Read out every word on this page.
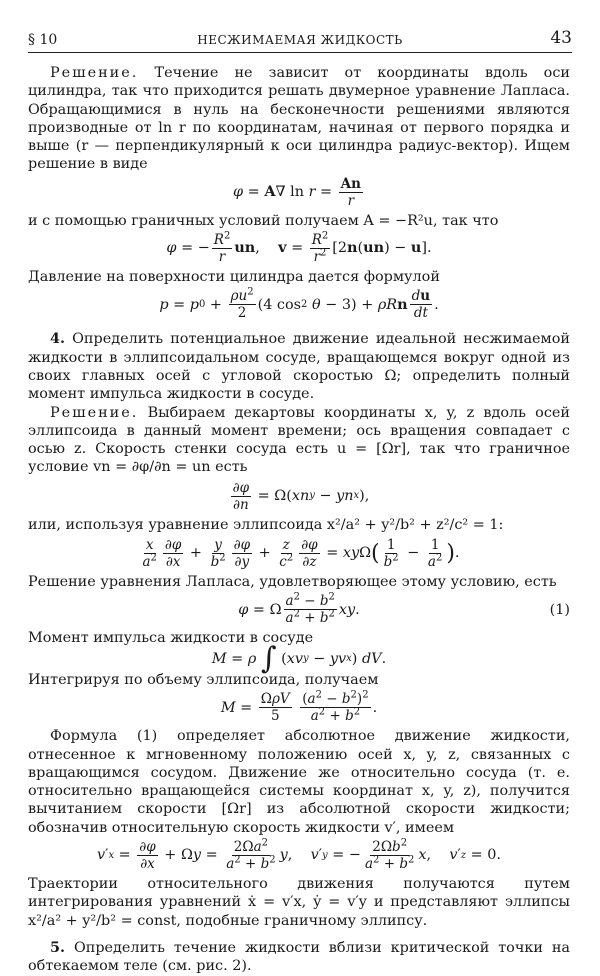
§ 10	НЕСЖИМАЕМАЯ ЖИДКОСТЬ	43

Решение. Течение не зависит от координаты вдоль оси цилиндра, так что приходится решать двумерное уравнение Лапласа. Обращающимися в нуль на бесконечности решениями являются производные от ln r по координатам, начиная от первого порядка и выше (r — перпендикулярный к оси цилиндра радиус-вектор). Ищем решение в виде

φ = A ∇ ln r =
An
r

и с помощью граничных условий получаем A = −R²u, так что

φ = −
$R^2$
r
un , v =
$R^2$
$r^2$ [2 n ( un ) − u ].

Давление на поверхности цилиндра дается формулой

p = p 0 +
$\rho u^2$
2
(4 cos 2
θ − 3) + ρR n du
dt
.

4. Определить потенциальное движение идеальной несжимаемой жидкости в эллипсоидальном сосуде, вращающемся вокруг одной из своих главных осей с угловой скоростью Ω; определить полный момент импульса жидкости в сосуде.

Решение. Выбираем декартовы координаты x, y, z вдоль осей эллипсоида в данный момент времени; ось вращения совпадает с осью z. Скорость стенки сосуда есть u = [Ωr], так что граничное условие vn = ∂φ/∂n = un есть

∂φ
∂n
= Ω( xn y − yn x ),

или, используя уравнение эллипсоида x²/a² + y²/b² + z²/c² = 1:

x
$a^2$
∂φ
∂x
+
y
$b^2$
∂φ
∂y
+
z
$c^2$
∂φ
∂z
= xy Ω ( 1
$b^2$ −
1
$a^2$ ) .

Решение уравнения Лапласа, удовлетворяющее этому условию, есть

φ = Ω
$a^2 - b^2$
$a^2 + b^2$ xy .	(1)

Момент импульса жидкости в сосуде

M = ρ
∫ ( xv y − yv x ) dV .

Интегрируя по объему эллипсоида, получаем

M =
ΩρV
5

$(a^2 - b^2)^2$
$a^2 + b^2$ .

Формула (1) определяет абсолютное движение жидкости, отнесенное к мгновенному положению осей x, y, z, связанных с вращающимся сосудом. Движение же относительно сосуда (т. е. относительно вращающейся системы координат x, y, z), получится вычитанием скорости [Ωr] из абсолютной скорости жидкости; обозначив относительную скорость жидкости v′, имеем

v ′ x =
∂φ
∂x
+ Ω y =
$2\Omega a^2$
$a^2 + b^2$ y , v ′ y = −
$2\Omega b^2$
$a^2 + b^2$ x , v ′ z = 0.

Траектории относительного движения получаются путем интегрирования уравнений ẋ = v′x, ẏ = v′y и представляют эллипсы x²/a² + y²/b² = const, подобные граничному эллипсу.

5. Определить течение жидкости вблизи критической точки на обтекаемом теле (см. рис. 2).
